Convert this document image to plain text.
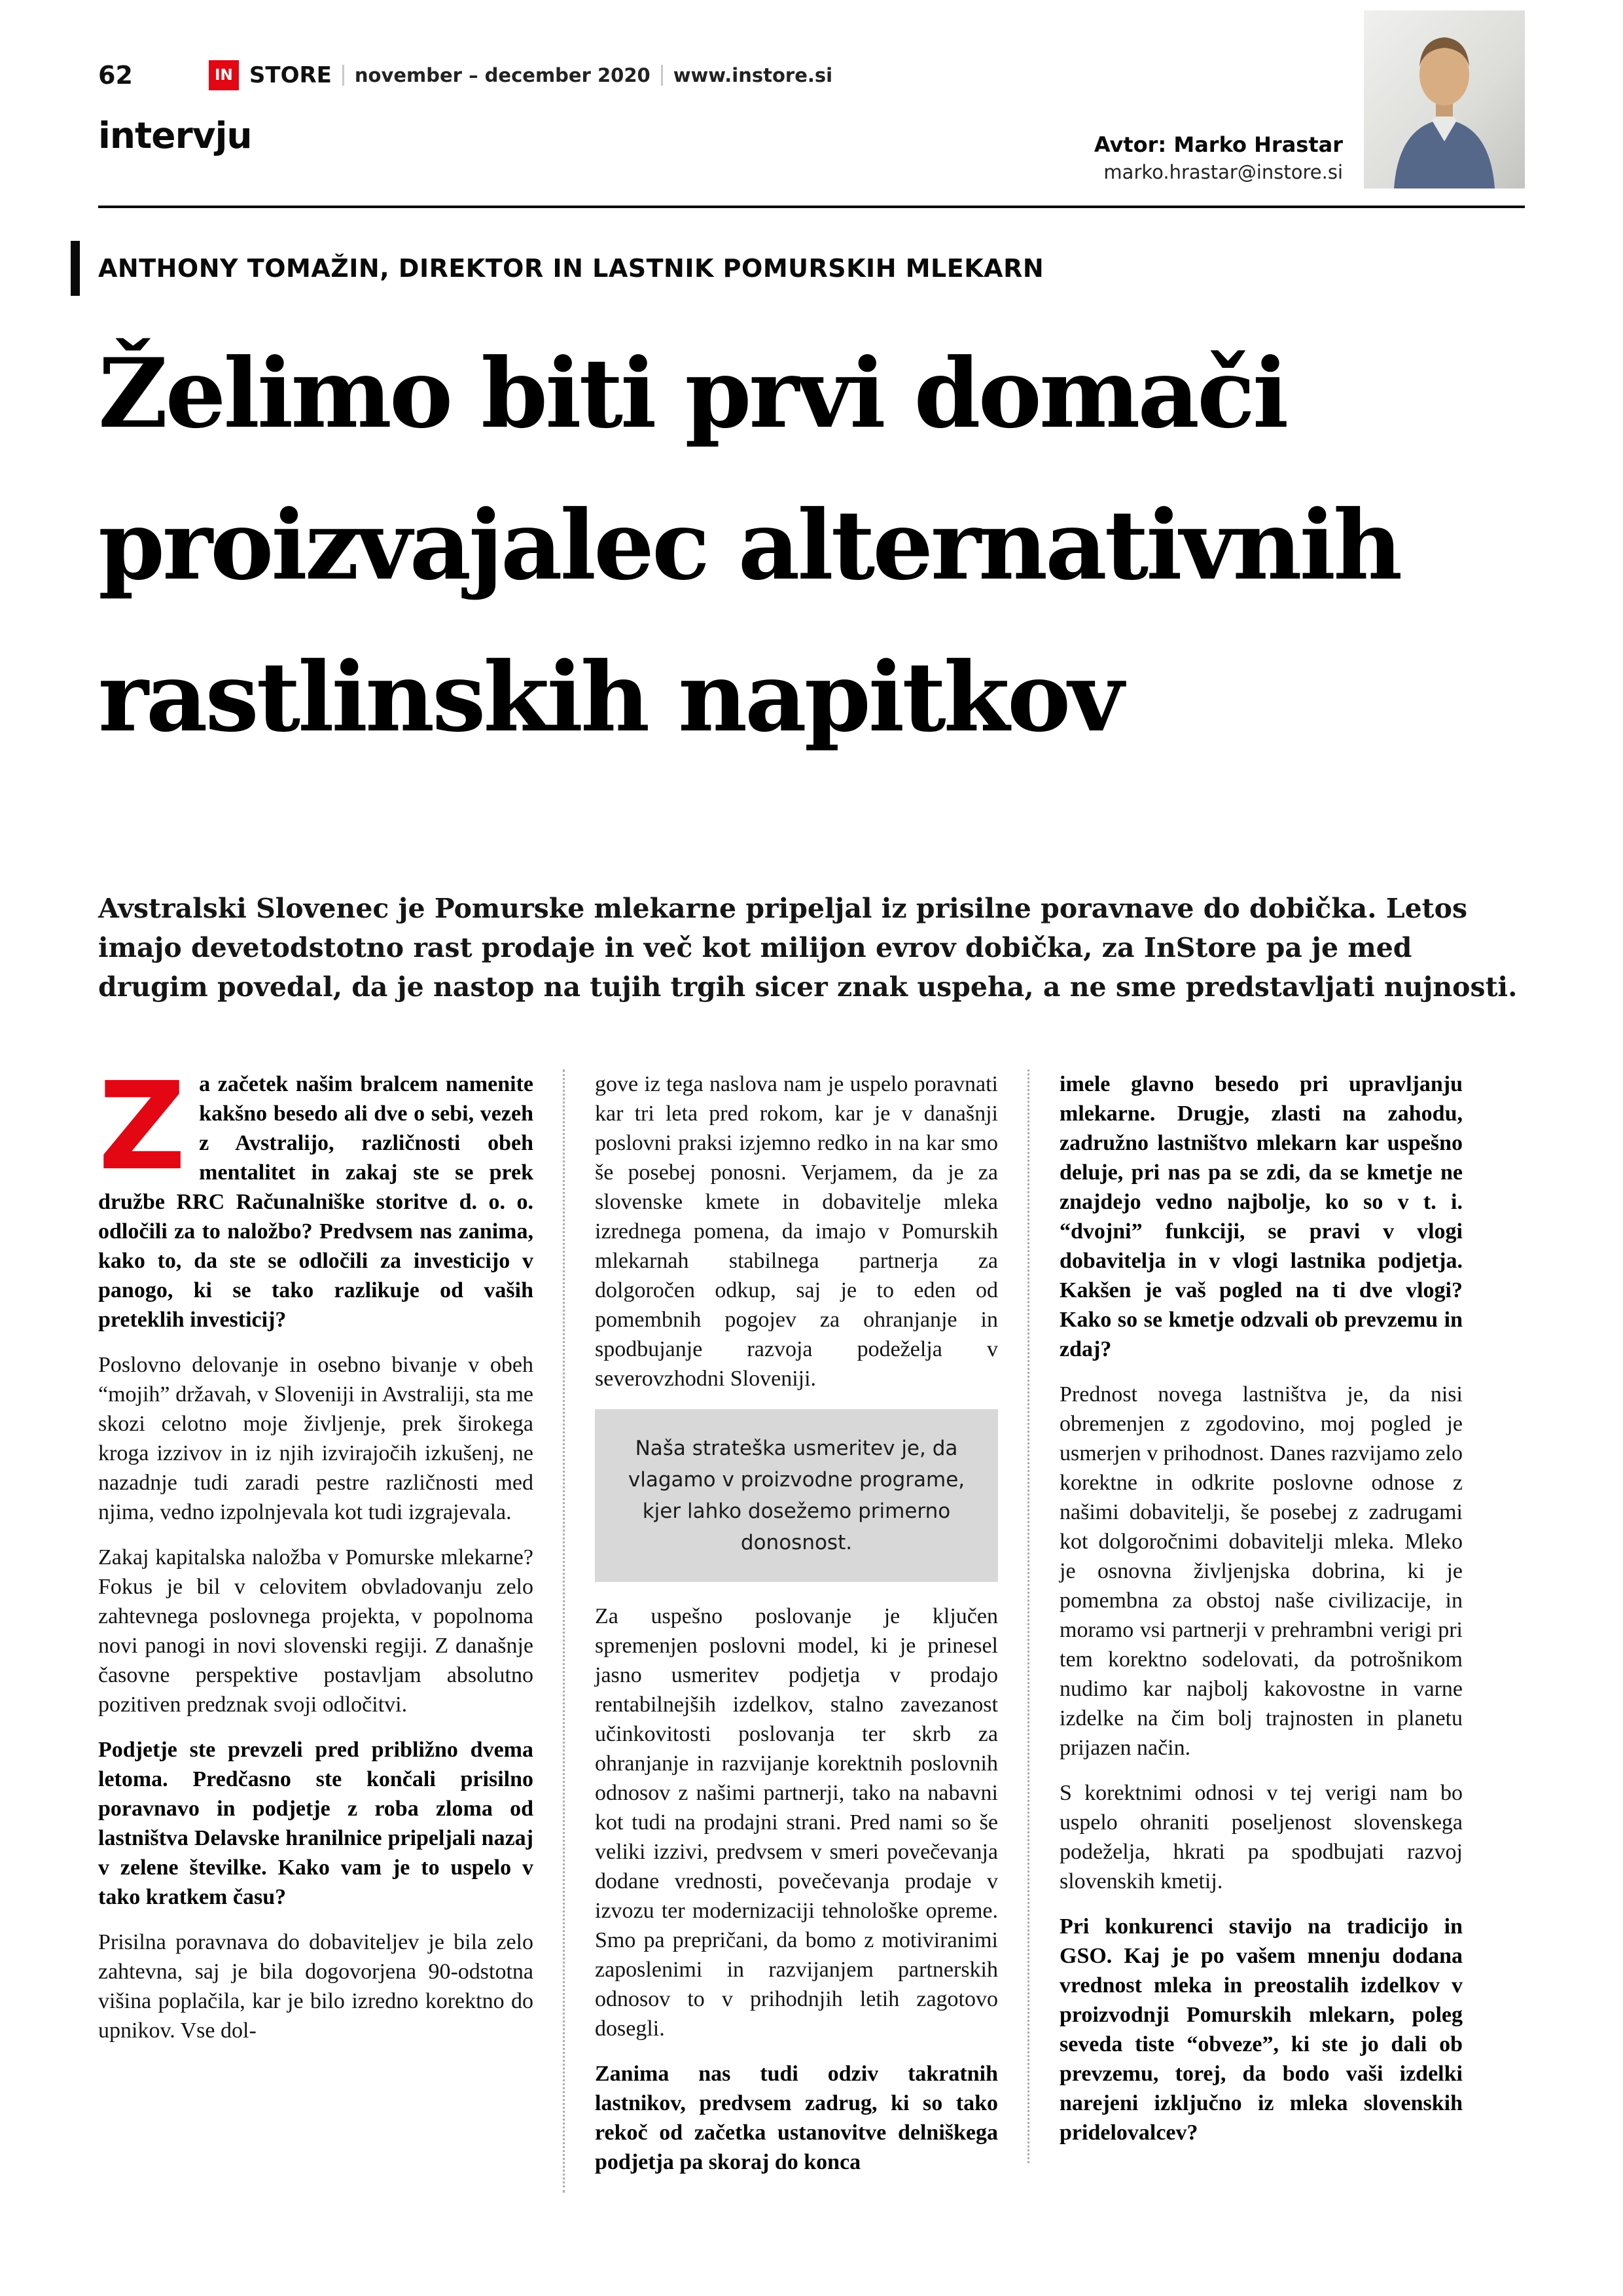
62	IN STORE november – december 2020 www.instore.si
intervju	Avtor: Marko Hrastar
marko.hrastar@instore.si
ANTHONY TOMAŽIN, DIREKTOR IN LASTNIK POMURSKIH MLEKARN
Želimo biti prvi domači
proizvajalec alternativnih
rastlinskih napitkov
Avstralski Slovenec je Pomurske mlekarne pripeljal iz prisilne poravnave do dobička. Letos imajo devetodstotno rast prodaje in več kot milijon evrov dobička, za InStore pa je med drugim povedal, da je nastop na tujih trgih sicer znak uspeha, a ne sme predstavljati nujnosti.

Za začetek našim bralcem namenite kakšno besedo ali dve o sebi, vezeh z Avstralijo, različnosti obeh mentalitet in zakaj ste se prek družbe RRC Računalniške storitve d. o. o. odločili za to naložbo? Predvsem nas zanima, kako to, da ste se odločili za investicijo v panogo, ki se tako razlikuje od vaših preteklih investicij?

Poslovno delovanje in osebno bivanje v obeh “mojih” državah, v Sloveniji in Avstraliji, sta me skozi celotno moje življenje, prek širokega kroga izzivov in iz njih izvirajočih izkušenj, ne nazadnje tudi zaradi pestre različnosti med njima, vedno izpolnjevala kot tudi izgrajevala.

Zakaj kapitalska naložba v Pomurske mlekarne? Fokus je bil v celovitem obvladovanju zelo zahtevnega poslovnega projekta, v popolnoma novi panogi in novi slovenski regiji. Z današnje časovne perspektive postavljam absolutno pozitiven predznak svoji odločitvi.

Podjetje ste prevzeli pred približno dvema letoma. Predčasno ste končali prisilno poravnavo in podjetje z roba zloma od lastništva Delavske hranilnice pripeljali nazaj v zelene številke. Kako vam je to uspelo v tako kratkem času?

Prisilna poravnava do dobaviteljev je bila zelo zahtevna, saj je bila dogovorjena 90-odstotna višina poplačila, kar je bilo izredno korektno do upnikov. Vse dol-

gove iz tega naslova nam je uspelo poravnati kar tri leta pred rokom, kar je v današnji poslovni praksi izjemno redko in na kar smo še posebej ponosni. Verjamem, da je za slovenske kmete in dobavitelje mleka izrednega pomena, da imajo v Pomurskih mlekarnah stabilnega partnerja za dolgoročen odkup, saj je to eden od pomembnih pogojev za ohranjanje in spodbujanje razvoja podeželja v severovzhodni Sloveniji.

Naša strateška usmeritev je, da vlagamo v proizvodne programe, kjer lahko dosežemo primerno donosnost.

Za uspešno poslovanje je ključen spremenjen poslovni model, ki je prinesel jasno usmeritev podjetja v prodajo rentabilnejših izdelkov, stalno zavezanost učinkovitosti poslovanja ter skrb za ohranjanje in razvijanje korektnih poslovnih odnosov z našimi partnerji, tako na nabavni kot tudi na prodajni strani. Pred nami so še veliki izzivi, predvsem v smeri povečevanja dodane vrednosti, povečevanja prodaje v izvozu ter modernizaciji tehnološke opreme. Smo pa prepričani, da bomo z motiviranimi zaposlenimi in razvijanjem partnerskih odnosov to v prihodnjih letih zagotovo dosegli.

Zanima nas tudi odziv takratnih lastnikov, predvsem zadrug, ki so tako rekoč od začetka ustanovitve delniškega podjetja pa skoraj do konca

imele glavno besedo pri upravljanju mlekarne. Drugje, zlasti na zahodu, zadružno lastništvo mlekarn kar uspešno deluje, pri nas pa se zdi, da se kmetje ne znajdejo vedno najbolje, ko so v t. i. “dvojni” funkciji, se pravi v vlogi dobavitelja in v vlogi lastnika podjetja. Kakšen je vaš pogled na ti dve vlogi? Kako so se kmetje odzvali ob prevzemu in zdaj?

Prednost novega lastništva je, da nisi obremenjen z zgodovino, moj pogled je usmerjen v prihodnost. Danes razvijamo zelo korektne in odkrite poslovne odnose z našimi dobavitelji, še posebej z zadrugami kot dolgoročnimi dobavitelji mleka. Mleko je osnovna življenjska dobrina, ki je pomembna za obstoj naše civilizacije, in moramo vsi partnerji v prehrambni verigi pri tem korektno sodelovati, da potrošnikom nudimo kar najbolj kakovostne in varne izdelke na čim bolj trajnosten in planetu prijazen način.

S korektnimi odnosi v tej verigi nam bo uspelo ohraniti poseljenost slovenskega podeželja, hkrati pa spodbujati razvoj slovenskih kmetij.

Pri konkurenci stavijo na tradicijo in GSO. Kaj je po vašem mnenju dodana vrednost mleka in preostalih izdelkov v proizvodnji Pomurskih mlekarn, poleg seveda tiste “obveze”, ki ste jo dali ob prevzemu, torej, da bodo vaši izdelki narejeni izključno iz mleka slovenskih pridelovalcev?
